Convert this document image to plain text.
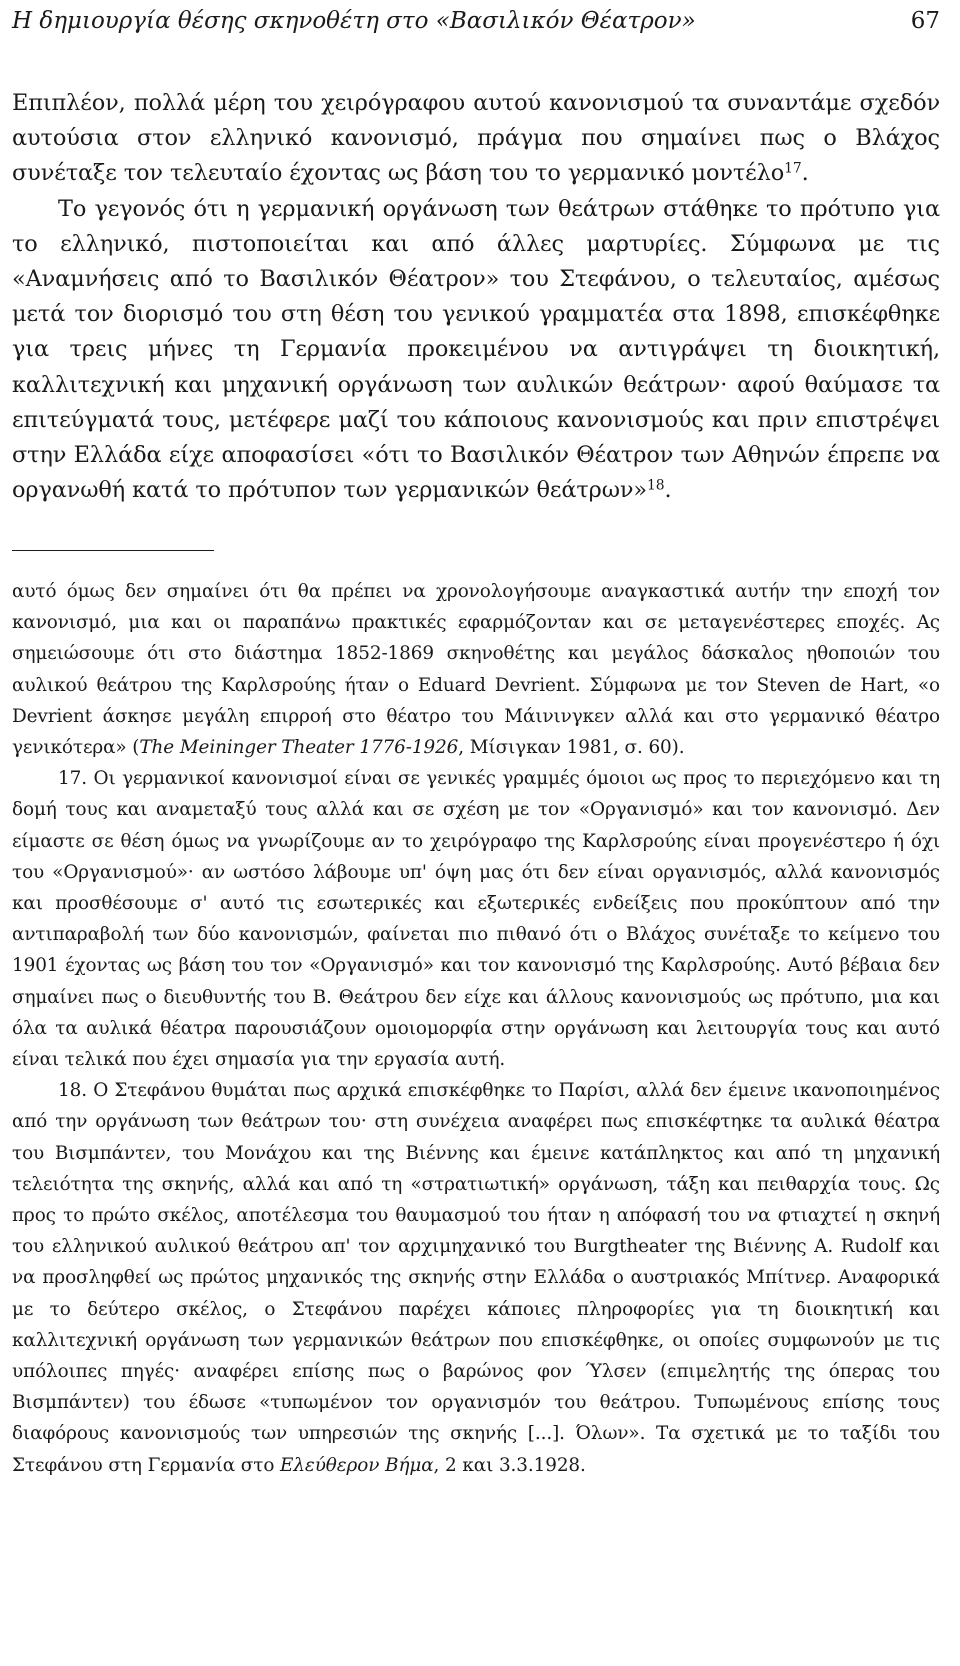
Η δημιουργία θέσης σκηνοθέτη στο «Βασιλικόν Θέατρον»	67

Επιπλέον, πολλά μέρη του χειρόγραφου αυτού κανονισμού τα συναντάμε σχεδόν αυτούσια στον ελληνικό κανονισμό, πράγμα που σημαίνει πως ο Βλάχος συνέταξε τον τελευταίο έχοντας ως βάση του το γερμανικό μοντέλο$^{17}$.

Το γεγονός ότι η γερμανική οργάνωση των θεάτρων στάθηκε το πρότυπο για το ελληνικό, πιστοποιείται και από άλλες μαρτυρίες. Σύμφωνα με τις «Αναμνήσεις από το Βασιλικόν Θέατρον» του Στεφάνου, ο τελευταίος, αμέσως μετά τον διορισμό του στη θέση του γενικού γραμματέα στα 1898, επισκέφθηκε για τρεις μήνες τη Γερμανία προκειμένου να αντιγράψει τη διοικητική, καλλιτεχνική και μηχανική οργάνωση των αυλικών θεάτρων· αφού θαύμασε τα επιτεύγματά τους, μετέφερε μαζί του κάποιους κανονισμούς και πριν επιστρέψει στην Ελλάδα είχε αποφασίσει «ότι το Βασιλικόν Θέατρον των Αθηνών έπρεπε να οργανωθή κατά το πρότυπον των γερμανικών θεάτρων»$^{18}$.

αυτό όμως δεν σημαίνει ότι θα πρέπει να χρονολογήσουμε αναγκαστικά αυτήν την εποχή τον κανονισμό, μια και οι παραπάνω πρακτικές εφαρμόζονταν και σε μεταγενέστερες εποχές. Ας σημειώσουμε ότι στο διάστημα 1852-1869 σκηνοθέτης και μεγάλος δάσκαλος ηθοποιών του αυλικού θεάτρου της Καρλσρούης ήταν ο Eduard Devrient. Σύμφωνα με τον Steven de Hart, «ο Devrient άσκησε μεγάλη επιρροή στο θέατρο του Μάινινγκεν αλλά και στο γερμανικό θέατρο γενικότερα» (The Meininger Theater 1776-1926, Μίσιγκαν 1981, σ. 60).

17. Οι γερμανικοί κανονισμοί είναι σε γενικές γραμμές όμοιοι ως προς το περιεχόμενο και τη δομή τους και αναμεταξύ τους αλλά και σε σχέση με τον «Οργανισμό» και τον κανονισμό. Δεν είμαστε σε θέση όμως να γνωρίζουμε αν το χειρόγραφο της Καρλσρούης είναι προγενέστερο ή όχι του «Οργανισμού»· αν ωστόσο λάβουμε υπ' όψη μας ότι δεν είναι οργανισμός, αλλά κανονισμός και προσθέσουμε σ' αυτό τις εσωτερικές και εξωτερικές ενδείξεις που προκύπτουν από την αντιπαραβολή των δύο κανονισμών, φαίνεται πιο πιθανό ότι ο Βλάχος συνέταξε το κείμενο του 1901 έχοντας ως βάση του τον «Οργανισμό» και τον κανονισμό της Καρλσρούης. Αυτό βέβαια δεν σημαίνει πως ο διευθυντής του Β. Θεάτρου δεν είχε και άλλους κανονισμούς ως πρότυπο, μια και όλα τα αυλικά θέατρα παρουσιάζουν ομοιομορφία στην οργάνωση και λειτουργία τους και αυτό είναι τελικά που έχει σημασία για την εργασία αυτή.

18. Ο Στεφάνου θυμάται πως αρχικά επισκέφθηκε το Παρίσι, αλλά δεν έμεινε ικανοποιημένος από την οργάνωση των θεάτρων του· στη συνέχεια αναφέρει πως επισκέφτηκε τα αυλικά θέατρα του Βισμπάντεν, του Μονάχου και της Βιέννης και έμεινε κατάπληκτος και από τη μηχανική τελειότητα της σκηνής, αλλά και από τη «στρατιωτική» οργάνωση, τάξη και πειθαρχία τους. Ως προς το πρώτο σκέλος, αποτέλεσμα του θαυμασμού του ήταν η απόφασή του να φτιαχτεί η σκηνή του ελληνικού αυλικού θεάτρου απ' τον αρχιμηχανικό του Burgtheater της Βιέννης A. Rudolf και να προσληφθεί ως πρώτος μηχανικός της σκηνής στην Ελλάδα ο αυστριακός Μπίτνερ. Αναφορικά με το δεύτερο σκέλος, ο Στεφάνου παρέχει κάποιες πληροφορίες για τη διοικητική και καλλιτεχνική οργάνωση των γερμανικών θεάτρων που επισκέφθηκε, οι οποίες συμφωνούν με τις υπόλοιπες πηγές· αναφέρει επίσης πως ο βαρώνος φον Ύλσεν (επιμελητής της όπερας του Βισμπάντεν) του έδωσε «τυπωμένον τον οργανισμόν του θεάτρου. Τυπωμένους επίσης τους διαφόρους κανονισμούς των υπηρεσιών της σκηνής [...]. Όλων». Τα σχετικά με το ταξίδι του Στεφάνου στη Γερμανία στο Ελεύθερον Βήμα, 2 και 3.3.1928.
